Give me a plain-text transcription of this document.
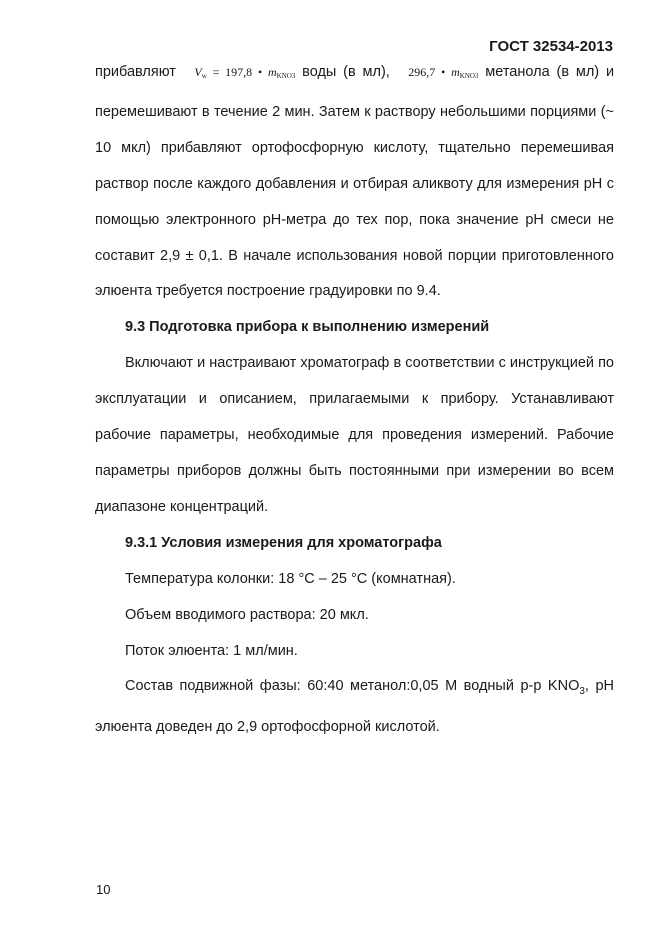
ГОСТ 32534-2013

прибавляют $V_w = 197,8$ • $m_{KNO3}$ воды (в мл), 296,7 • $m_{KNO3}$ метанола (в мл) и перемешивают в течение 2 мин. Затем к раствору небольшими порциями (~ 10 мкл) прибавляют ортофосфорную кислоту, тщательно перемешивая раствор после каждого добавления и отбирая аликвоту для измерения pH с помощью электронного pH-метра до тех пор, пока значение pH смеси не составит 2,9 ± 0,1. В начале использования новой порции приготовленного элюента требуется построение градуировки по 9.4.

9.3 Подготовка прибора к выполнению измерений

Включают и настраивают хроматограф в соответствии с инструкцией по эксплуатации и описанием, прилагаемыми к прибору. Устанавливают рабочие параметры, необходимые для проведения измерений. Рабочие параметры приборов должны быть постоянными при измерении во всем диапазоне концентраций.

9.3.1 Условия измерения для хроматографа

Температура колонки: 18 °С – 25 °С (комнатная).

Объем вводимого раствора: 20 мкл.

Поток элюента: 1 мл/мин.

Состав подвижной фазы: 60:40 метанол:0,05 М водный р-р $KNO_3$, pH элюента доведен до 2,9 ортофосфорной кислотой.

10
